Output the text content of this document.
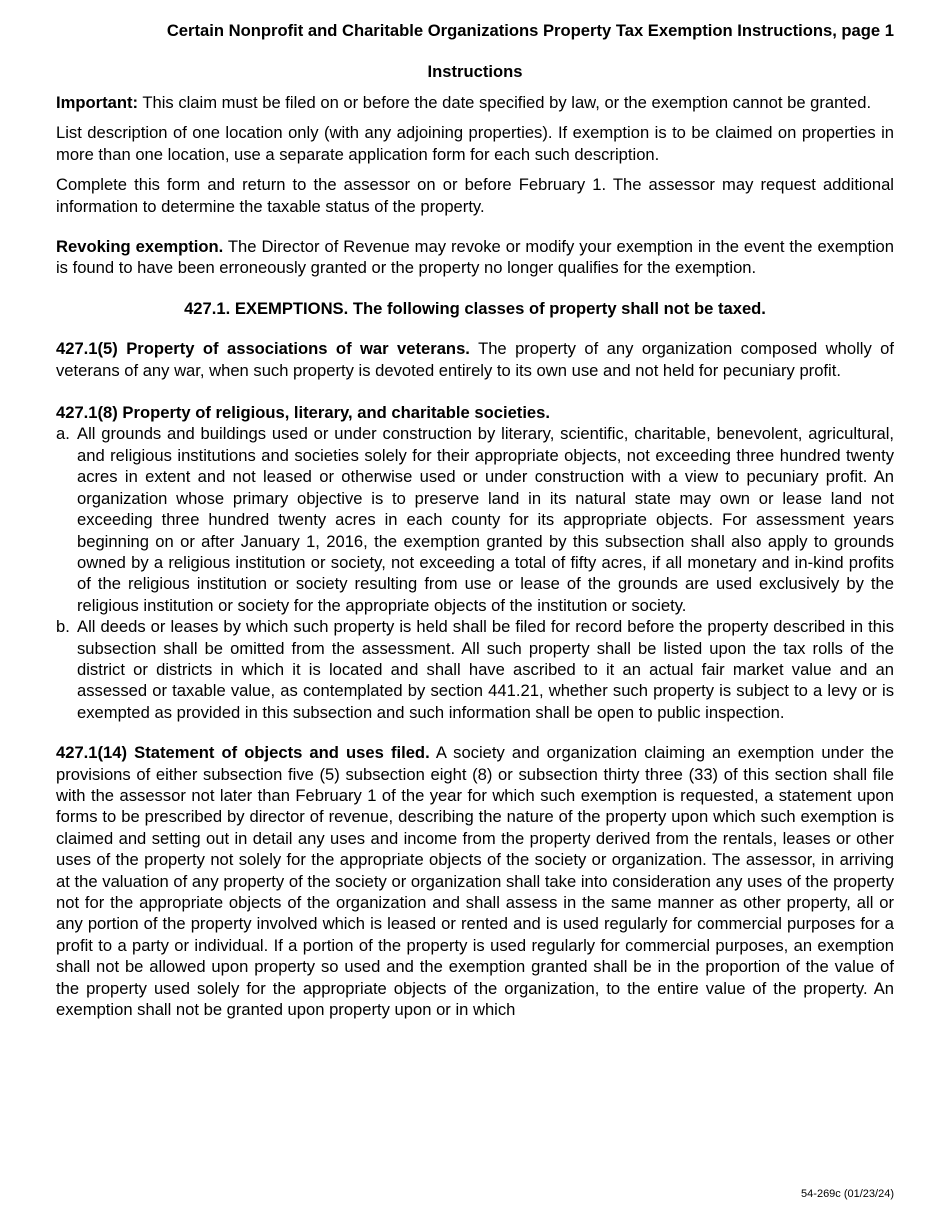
Certain Nonprofit and Charitable Organizations Property Tax Exemption Instructions, page 1
Instructions

Important: This claim must be filed on or before the date specified by law, or the exemption cannot be granted.

List description of one location only (with any adjoining properties). If exemption is to be claimed on properties in more than one location, use a separate application form for each such description.

Complete this form and return to the assessor on or before February 1. The assessor may request additional information to determine the taxable status of the property.

Revoking exemption. The Director of Revenue may revoke or modify your exemption in the event the exemption is found to have been erroneously granted or the property no longer qualifies for the exemption.

427.1. EXEMPTIONS. The following classes of property shall not be taxed.

427.1(5) Property of associations of war veterans. The property of any organization composed wholly of veterans of any war, when such property is devoted entirely to its own use and not held for pecuniary profit.

427.1(8) Property of religious, literary, and charitable societies.
a. All grounds and buildings used or under construction by literary, scientific, charitable, benevolent, agricultural, and religious institutions and societies solely for their appropriate objects, not exceeding three hundred twenty acres in extent and not leased or otherwise used or under construction with a view to pecuniary profit. An organization whose primary objective is to preserve land in its natural state may own or lease land not exceeding three hundred twenty acres in each county for its appropriate objects. For assessment years beginning on or after January 1, 2016, the exemption granted by this subsection shall also apply to grounds owned by a religious institution or society, not exceeding a total of fifty acres, if all monetary and in-kind profits of the religious institution or society resulting from use or lease of the grounds are used exclusively by the religious institution or society for the appropriate objects of the institution or society.
b. All deeds or leases by which such property is held shall be filed for record before the property described in this subsection shall be omitted from the assessment. All such property shall be listed upon the tax rolls of the district or districts in which it is located and shall have ascribed to it an actual fair market value and an assessed or taxable value, as contemplated by section 441.21, whether such property is subject to a levy or is exempted as provided in this subsection and such information shall be open to public inspection.

427.1(14) Statement of objects and uses filed. A society and organization claiming an exemption under the provisions of either subsection five (5) subsection eight (8) or subsection thirty three (33) of this section shall file with the assessor not later than February 1 of the year for which such exemption is requested, a statement upon forms to be prescribed by director of revenue, describing the nature of the property upon which such exemption is claimed and setting out in detail any uses and income from the property derived from the rentals, leases or other uses of the property not solely for the appropriate objects of the society or organization. The assessor, in arriving at the valuation of any property of the society or organization shall take into consideration any uses of the property not for the appropriate objects of the organization and shall assess in the same manner as other property, all or any portion of the property involved which is leased or rented and is used regularly for commercial purposes for a profit to a party or individual. If a portion of the property is used regularly for commercial purposes, an exemption shall not be allowed upon property so used and the exemption granted shall be in the proportion of the value of the property used solely for the appropriate objects of the organization, to the entire value of the property. An exemption shall not be granted upon property upon or in which

54-269c (01/23/24)
